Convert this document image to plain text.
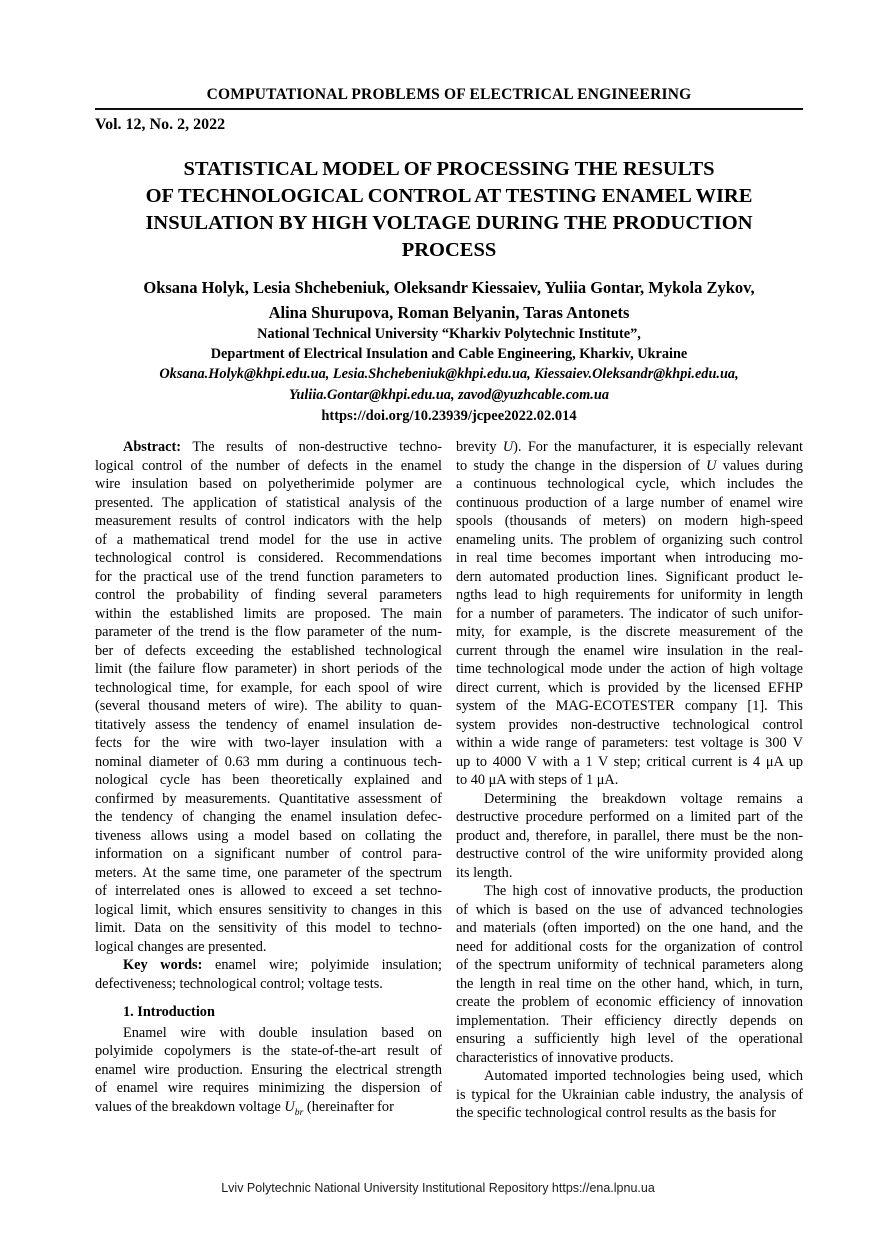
COMPUTATIONAL PROBLEMS OF ELECTRICAL ENGINEERING
Vol. 12, No. 2, 2022
STATISTICAL MODEL OF PROCESSING THE RESULTS
OF TECHNOLOGICAL CONTROL AT TESTING ENAMEL WIRE
INSULATION BY HIGH VOLTAGE DURING THE PRODUCTION
PROCESS
Oksana Holyk, Lesia Shchebeniuk, Oleksandr Kiessaiev, Yuliia Gontar, Mykola Zykov,
Alina Shurupova, Roman Belyanin, Taras Antonets
National Technical University “Kharkiv Polytechnic Institute”,
Department of Electrical Insulation and Cable Engineering, Kharkiv, Ukraine
Oksana.Holyk@khpi.edu.ua, Lesia.Shchebeniuk@khpi.edu.ua, Kiessaiev.Oleksandr@khpi.edu.ua,
Yuliia.Gontar@khpi.edu.ua, zavod@yuzhcable.com.ua
https://doi.org/10.23939/jcpee2022.02.014
Abstract: The results of non-destructive techno-
logical control of the number of defects in the enamel
wire insulation based on polyetherimide polymer are
presented. The application of statistical analysis of the
measurement results of control indicators with the help
of a mathematical trend model for the use in active
technological control is considered. Recommendations
for the practical use of the trend function parameters to
control the probability of finding several parameters
within the established limits are proposed. The main
parameter of the trend is the flow parameter of the num-
ber of defects exceeding the established technological
limit (the failure flow parameter) in short periods of the
technological time, for example, for each spool of wire
(several thousand meters of wire). The ability to quan-
titatively assess the tendency of enamel insulation de-
fects for the wire with two-layer insulation with a
nominal diameter of 0.63 mm during a continuous tech-
nological cycle has been theoretically explained and
confirmed by measurements. Quantitative assessment of
the tendency of changing the enamel insulation defec-
tiveness allows using a model based on collating the
information on a significant number of control para-
meters. At the same time, one parameter of the spectrum
of interrelated ones is allowed to exceed a set techno-
logical limit, which ensures sensitivity to changes in this
limit. Data on the sensitivity of this model to techno-
logical changes are presented.
Key words: enamel wire; polyimide insulation;
defectiveness; technological control; voltage tests.
1. Introduction
Enamel wire with double insulation based on
polyimide copolymers is the state-of-the-art result of
enamel wire production. Ensuring the electrical strength
of enamel wire requires minimizing the dispersion of
values of the breakdown voltage $U_{br}$ (hereinafter for
brevity U). For the manufacturer, it is especially relevant
to study the change in the dispersion of U values during
a continuous technological cycle, which includes the
continuous production of a large number of enamel wire
spools (thousands of meters) on modern high-speed
enameling units. The problem of organizing such control
in real time becomes important when introducing mo-
dern automated production lines. Significant product le-
ngths lead to high requirements for uniformity in length
for a number of parameters. The indicator of such unifor-
mity, for example, is the discrete measurement of the
current through the enamel wire insulation in the real-
time technological mode under the action of high voltage
direct current, which is provided by the licensed EFHP
system of the MAG-ECOTESTER company [1]. This
system provides non-destructive technological control
within a wide range of parameters: test voltage is 300 V
up to 4000 V with a 1 V step; critical current is 4 μA up
to 40 μA with steps of 1 μA.
Determining the breakdown voltage remains a
destructive procedure performed on a limited part of the
product and, therefore, in parallel, there must be the non-
destructive control of the wire uniformity provided along
its length.
The high cost of innovative products, the production
of which is based on the use of advanced technologies
and materials (often imported) on the one hand, and the
need for additional costs for the organization of control
of the spectrum uniformity of technical parameters along
the length in real time on the other hand, which, in turn,
create the problem of economic efficiency of innovation
implementation. Their efficiency directly depends on
ensuring a sufficiently high level of the operational
characteristics of innovative products.
Automated imported technologies being used, which
is typical for the Ukrainian cable industry, the analysis of
the specific technological control results as the basis for
Lviv Polytechnic National University Institutional Repository https://ena.lpnu.ua
